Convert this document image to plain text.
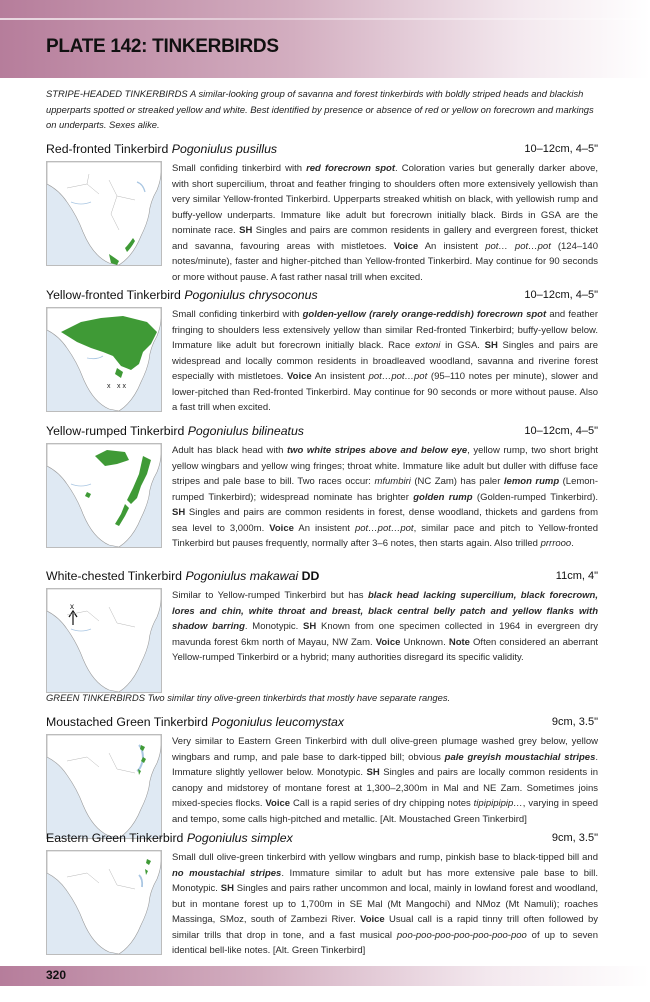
PLATE 142: TINKERBIRDS
STRIPE-HEADED TINKERBIRDS A similar-looking group of savanna and forest tinkerbirds with boldly striped heads and blackish upperparts spotted or streaked yellow and white. Best identified by presence or absence of red or yellow on forecrown and markings on underparts. Sexes alike.
Red-fronted Tinkerbird Pogoniulus pusillus	10–12cm, 4–5"
Small confiding tinkerbird with red forecrown spot. Coloration varies but generally darker above, with short supercilium, throat and feather fringing to shoulders often more extensively yellowish than very similar Yellow-fronted Tinkerbird. Upperparts streaked whitish on black, with yellowish rump and buffy-yellow underparts. Immature like adult but forecrown initially black. Birds in GSA are the nominate race. SH Singles and pairs are common residents in gallery and evergreen forest, thicket and savanna, favouring areas with mistletoes. Voice An insistent pot… pot…pot (124–140 notes/minute), faster and higher-pitched than Yellow-fronted Tinkerbird. May continue for 90 seconds or more without pause. A fast rather nasal trill when excited.
Yellow-fronted Tinkerbird Pogoniulus chrysoconus	10–12cm, 4–5"
x x x
Small confiding tinkerbird with golden-yellow (rarely orange-reddish) forecrown spot and feather fringing to shoulders less extensively yellow than similar Red-fronted Tinkerbird; buffy-yellow below. Immature like adult but forecrown initially black. Race extoni in GSA. SH Singles and pairs are widespread and locally common residents in broadleaved woodland, savanna and riverine forest especially with mistletoes. Voice An insistent pot…pot…pot (95–110 notes per minute), slower and lower-pitched than Red-fronted Tinkerbird. May continue for 90 seconds or more without pause. Also a fast trill when excited.
Yellow-rumped Tinkerbird Pogoniulus bilineatus	10–12cm, 4–5"
Adult has black head with two white stripes above and below eye, yellow rump, two short bright yellow wingbars and yellow wing fringes; throat white. Immature like adult but duller with diffuse face stripes and pale base to bill. Two races occur: mfumbiri (NC Zam) has paler lemon rump (Lemon-rumped Tinkerbird); widespread nominate has brighter golden rump (Golden-rumped Tinkerbird). SH Singles and pairs are common residents in forest, dense woodland, thickets and gardens from sea level to 3,000m. Voice An insistent pot…pot…pot, similar pace and pitch to Yellow-fronted Tinkerbird but pauses frequently, normally after 3–6 notes, then starts again. Also trilled prrrooo.
White-chested Tinkerbird Pogoniulus makawai DD	11cm, 4"
x
Similar to Yellow-rumped Tinkerbird but has black head lacking supercilium, black forecrown, lores and chin, white throat and breast, black central belly patch and yellow flanks with shadow barring. Monotypic. SH Known from one specimen collected in 1964 in evergreen dry mavunda forest 6km north of Mayau, NW Zam. Voice Unknown. Note Often considered an aberrant Yellow-rumped Tinkerbird or a hybrid; many authorities disregard its specific validity.
GREEN TINKERBIRDS Two similar tiny olive-green tinkerbirds that mostly have separate ranges.
Moustached Green Tinkerbird Pogoniulus leucomystax	9cm, 3.5"
Very similar to Eastern Green Tinkerbird with dull olive-green plumage washed grey below, yellow wingbars and rump, and pale base to dark-tipped bill; obvious pale greyish moustachial stripes. Immature slightly yellower below. Monotypic. SH Singles and pairs are locally common residents in canopy and midstorey of montane forest at 1,300–2,300m in Mal and NE Zam. Sometimes joins mixed-species flocks. Voice Call is a rapid series of dry chipping notes tipipipipip…, varying in speed and tempo, some calls high-pitched and metallic. [Alt. Moustached Green Tinkerbird]
Eastern Green Tinkerbird Pogoniulus simplex	9cm, 3.5"
Small dull olive-green tinkerbird with yellow wingbars and rump, pinkish base to black-tipped bill and no moustachial stripes. Immature similar to adult but has more extensive pale base to bill. Monotypic. SH Singles and pairs rather uncommon and local, mainly in lowland forest and woodland, but in montane forest up to 1,700m in SE Mal (Mt Mangochi) and NMoz (Mt Namuli); roaches Massinga, SMoz, south of Zambezi River. Voice Usual call is a rapid tinny trill often followed by similar trills that drop in tone, and a fast musical poo-poo-poo-poo-poo-poo-poo of up to seven identical bell-like notes. [Alt. Green Tinkerbird]
320
